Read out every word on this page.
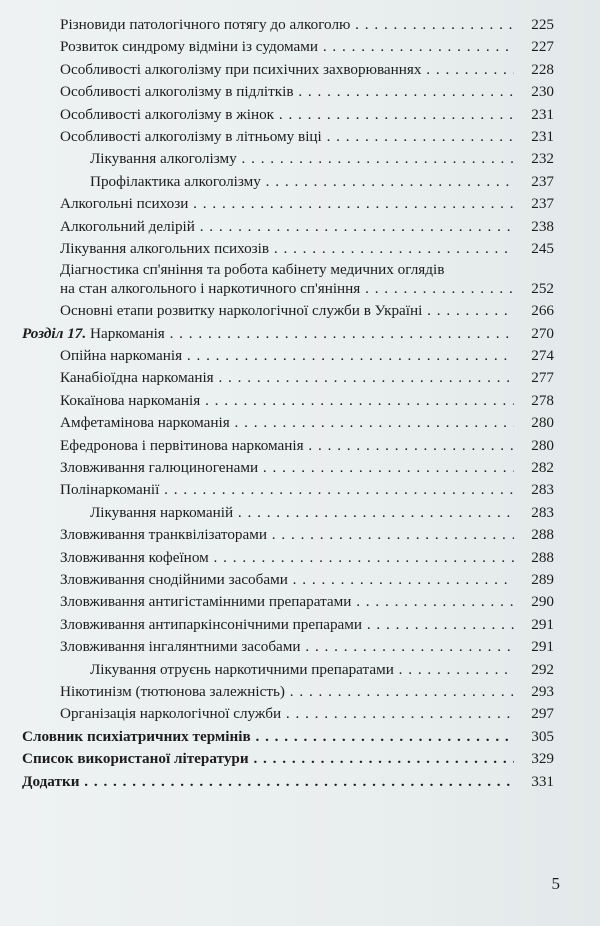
Різновиди патологічного потягу до алкоголю . . .	225
Розвиток синдрому відміни із судомами . . .	227
Особливості алкоголізму при психічних захворюваннях . . .	228
Особливості алкоголізму в підлітків . . .	230
Особливості алкоголізму в жінок . . .	231
Особливості алкоголізму в літньому віці . . .	231
Лікування алкоголізму . . .	232
Профілактика алкоголізму . . .	237
Алкогольні психози . . .	237
Алкогольний делірій . . .	238
Лікування алкогольних психозів . . .	245
Діагностика сп'яніння та робота кабінету медичних оглядів
на стан алкогольного і наркотичного сп'яніння . . .	252
Основні етапи розвитку наркологічної служби в Україні . . .	266
Розділ 17. Наркоманія . . .	270
Опійна наркоманія . . .	274
Канабіоїдна наркоманія . . .	277
Кокаїнова наркоманія . . .	278
Амфетамінова наркоманія . . .	280
Ефедронова і первітинова наркоманія . . .	280
Зловживання галюциногенами . . .	282
Полінаркоманії . . .	283
Лікування наркоманій . . .	283
Зловживання транквілізаторами . . .	288
Зловживання кофеїном . . .	288
Зловживання снодійними засобами . . .	289
Зловживання антигістамінними препаратами . . .	290
Зловживання антипаркінсонічними препарами . . .	291
Зловживання інгалянтними засобами . . .	291
Лікування отруєнь наркотичними препаратами . . .	292
Нікотинізм (тютюнова залежність) . . .	293
Організація наркологічної служби . . .	297
Словник психіатричних термінів . . .	305
Список використаної літератури . . .	329
Додатки . . .	331
5
